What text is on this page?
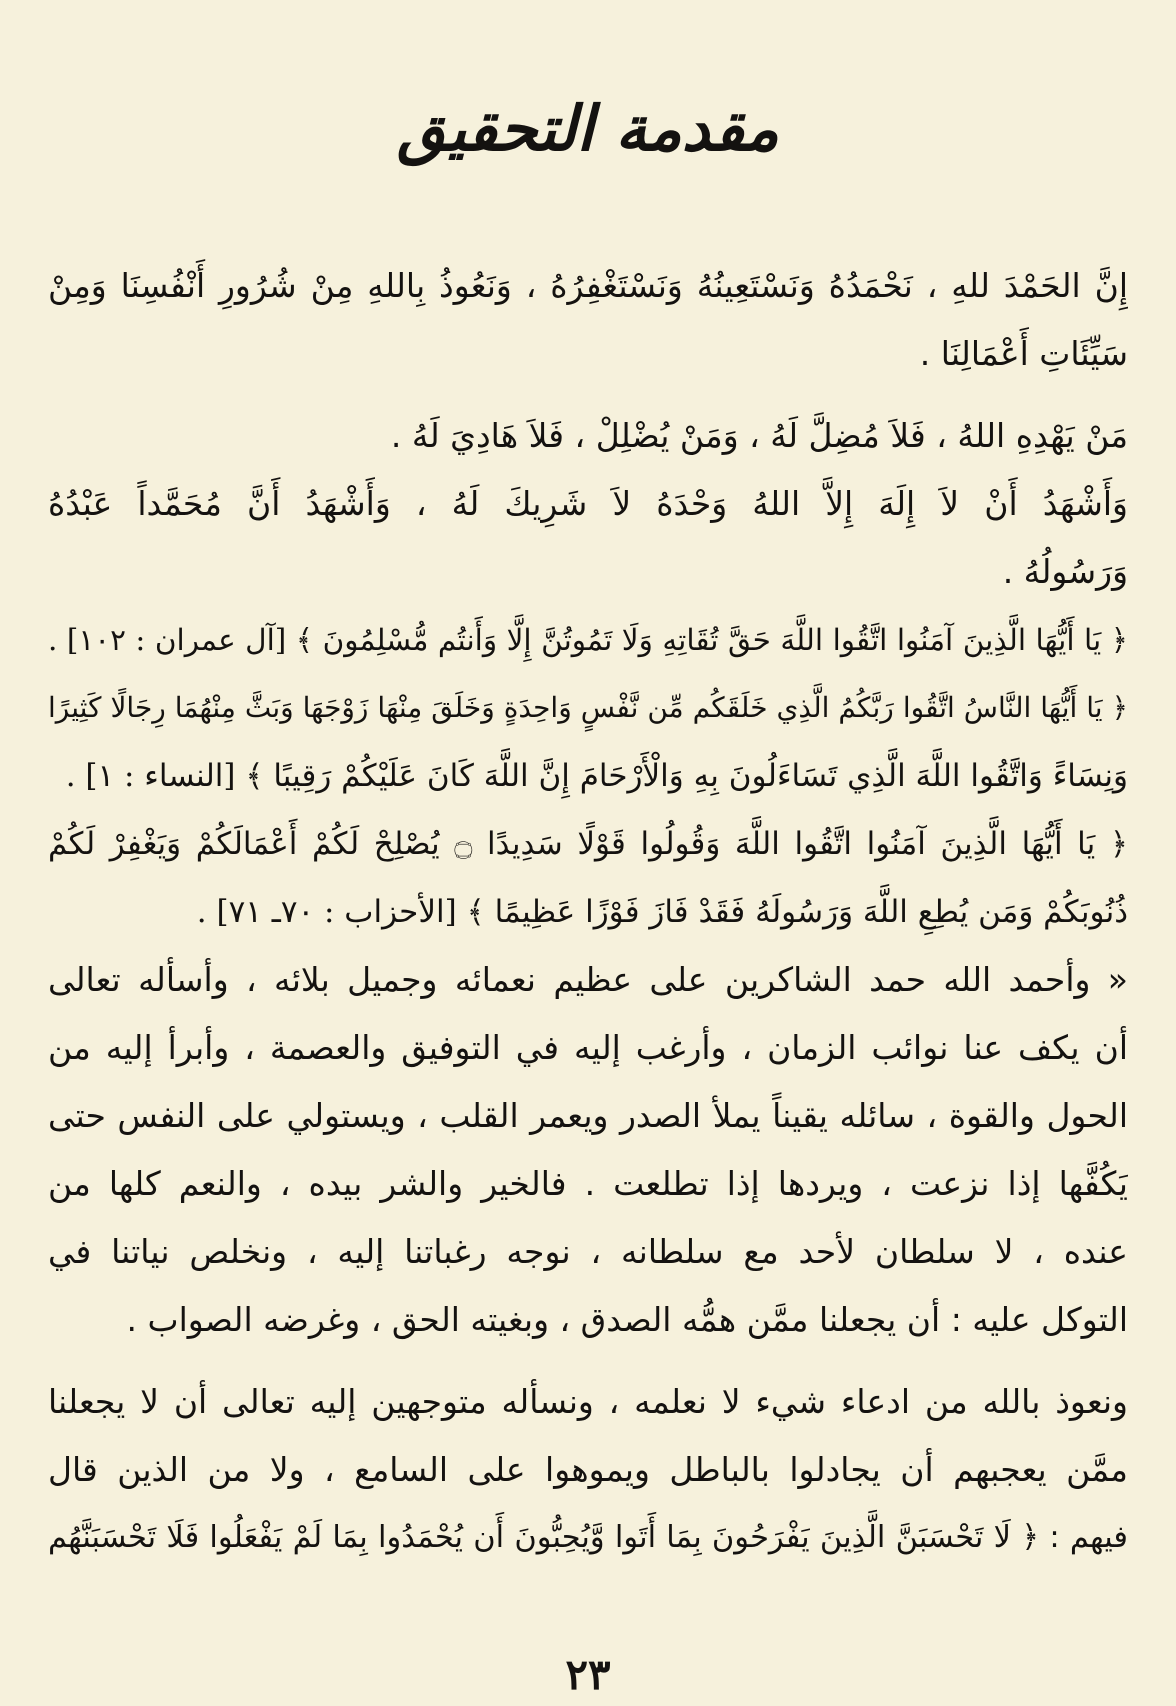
مقدمة التحقيق
إِنَّ الحَمْدَ للهِ ، نَحْمَدُهُ وَنَسْتَعِينُهُ وَنَسْتَغْفِرُهُ ، وَنَعُوذُ بِاللهِ مِنْ شُرُورِ أَنْفُسِنَا وَمِنْ
سَيِّئَاتِ أَعْمَالِنَا .
مَنْ يَهْدِهِ اللهُ ، فَلاَ مُضِلَّ لَهُ ، وَمَنْ يُضْلِلْ ، فَلاَ هَادِيَ لَهُ .
وَأَشْهَدُ أَنْ لاَ إِلَهَ إِلاَّ اللهُ وَحْدَهُ لاَ شَرِيكَ لَهُ ، وَأَشْهَدُ أَنَّ مُحَمَّداً عَبْدُهُ
وَرَسُولُهُ .
﴿ يَا أَيُّهَا الَّذِينَ آمَنُوا اتَّقُوا اللَّهَ حَقَّ تُقَاتِهِ وَلَا تَمُوتُنَّ إِلَّا وَأَنتُم مُّسْلِمُونَ ﴾ [آل عمران : ١٠٢] .
﴿ يَا أَيُّهَا النَّاسُ اتَّقُوا رَبَّكُمُ الَّذِي خَلَقَكُم مِّن نَّفْسٍ وَاحِدَةٍ وَخَلَقَ مِنْهَا زَوْجَهَا وَبَثَّ مِنْهُمَا رِجَالًا كَثِيرًا
وَنِسَاءً وَاتَّقُوا اللَّهَ الَّذِي تَسَاءَلُونَ بِهِ وَالْأَرْحَامَ إِنَّ اللَّهَ كَانَ عَلَيْكُمْ رَقِيبًا ﴾ [النساء : ١] .
﴿ يَا أَيُّهَا الَّذِينَ آمَنُوا اتَّقُوا اللَّهَ وَقُولُوا قَوْلًا سَدِيدًا ۝ يُصْلِحْ لَكُمْ أَعْمَالَكُمْ وَيَغْفِرْ لَكُمْ
ذُنُوبَكُمْ وَمَن يُطِعِ اللَّهَ وَرَسُولَهُ فَقَدْ فَازَ فَوْزًا عَظِيمًا ﴾ [الأحزاب : ٧٠ـ ٧١] .
« وأحمد الله حمد الشاكرين على عظيم نعمائه وجميل بلائه ، وأسأله تعالى
أن يكف عنا نوائب الزمان ، وأرغب إليه في التوفيق والعصمة ، وأبرأ إليه من
الحول والقوة ، سائله يقيناً يملأ الصدر ويعمر القلب ، ويستولي على النفس حتى
يَكُفَّها إذا نزعت ، ويردها إذا تطلعت . فالخير والشر بيده ، والنعم كلها من
عنده ، لا سلطان لأحد مع سلطانه ، نوجه رغباتنا إليه ، ونخلص نياتنا في
التوكل عليه : أن يجعلنا ممَّن همُّه الصدق ، وبغيته الحق ، وغرضه الصواب .
ونعوذ بالله من ادعاء شيء لا نعلمه ، ونسأله متوجهين إليه تعالى أن لا يجعلنا
ممَّن يعجبهم أن يجادلوا بالباطل ويموهوا على السامع ، ولا من الذين قال
فيهم : ﴿ لَا تَحْسَبَنَّ الَّذِينَ يَفْرَحُونَ بِمَا أَتَوا وَّيُحِبُّونَ أَن يُحْمَدُوا بِمَا لَمْ يَفْعَلُوا فَلَا تَحْسَبَنَّهُم
٢٣
